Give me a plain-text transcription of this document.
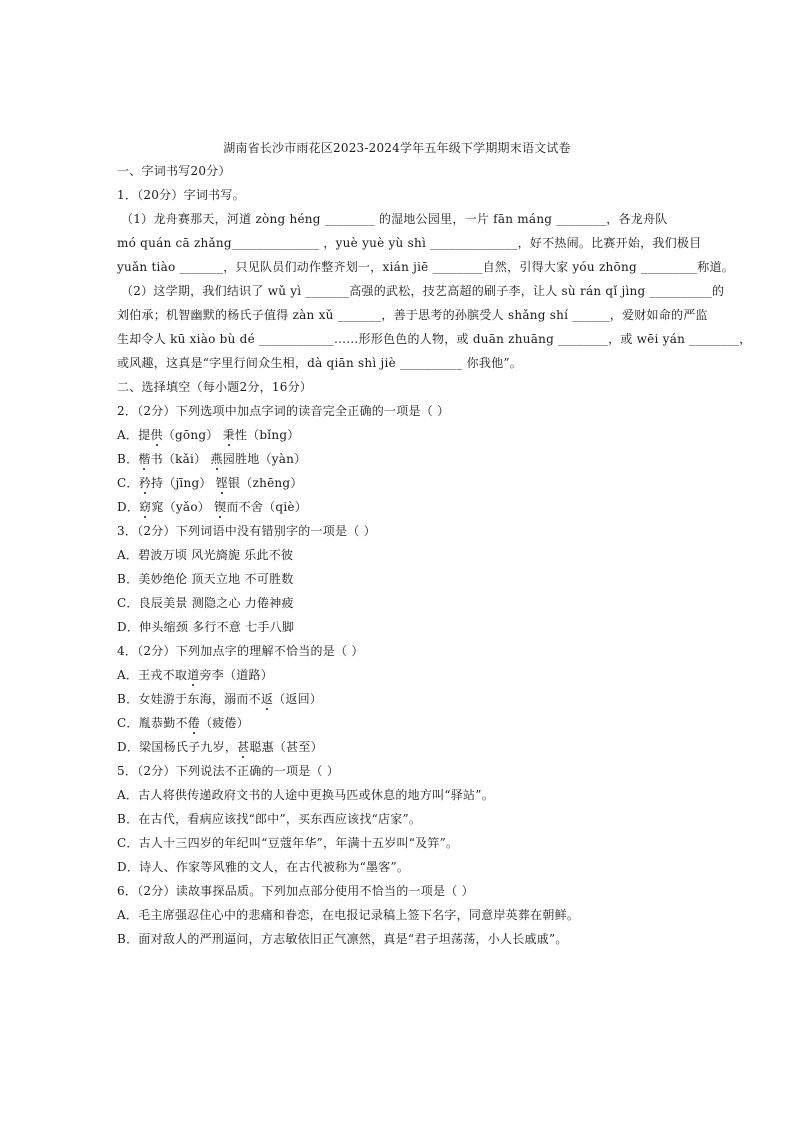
湖南省长沙市雨花区2023-2024学年五年级下学期期末语文试卷
一、字词书写20分）
1．（20分）字词书写。
（1）龙舟赛那天，河道 zòng héng ________ 的湿地公园里，一片 fān máng ________，各龙舟队
mó quán cā zhǎng______________ ，yuè yuè yù shì ______________，好不热闹。比赛开始，我们极目
yuǎn tiào _______，只见队员们动作整齐划一，xián jiē ________自然，引得大家 yóu zhōng _________称道。
（2）这学期，我们结识了 wǔ yì _______高强的武松，技艺高超的刷子李，让人 sù rán qǐ jìng __________的
刘伯承；机智幽默的杨氏子值得 zàn xǔ _______，善于思考的孙膑受人 shǎng shí ______，爱财如命的严监
生却令人 kū xiào bù dé ____________……形形色色的人物，或 duān zhuāng ________，或 wēi yán ________，
或风趣，这真是“字里行间众生相，dà qiān shì jiè __________ 你我他”。
二、选择填空（每小题2分，16分）
2．（2分）下列选项中加点字词的读音完全正确的一项是（ ）
A．提供（gōng） 秉性（bǐng）
B．楷书（kǎi） 燕园胜地（yàn）
C．矜持（jīng） 铿银（zhēng）
D．窈窕（yǎo） 锲而不舍（qiè）
3．（2分）下列词语中没有错别字的一项是（ ）
A．碧波万顷 风光旖旎 乐此不彼
B．美妙绝伦 顶天立地 不可胜数
C．良辰美景 测隐之心 力倦神疲
D．伸头缩颈 多行不意 七手八脚
4．（2分）下列加点字的理解不恰当的是（ ）
A．王戎不取道旁李（道路）
B．女娃游于东海，溺而不返（返回）
C．胤恭勤不倦（疲倦）
D．梁国杨氏子九岁，甚聪惠（甚至）
5．（2分）下列说法不正确的一项是（ ）
A．古人将供传递政府文书的人途中更换马匹或休息的地方叫“驿站”。
B．在古代，看病应该找“郎中”，买东西应该找“店家”。
C．古人十三四岁的年纪叫“豆蔻年华”，年满十五岁叫“及笄”。
D．诗人、作家等风雅的文人，在古代被称为“墨客”。
6．（2分）读故事探品质。下列加点部分使用不恰当的一项是（ ）
A．毛主席强忍住心中的悲痛和眷恋，在电报记录稿上签下名字，同意岸英葬在朝鲜。
B．面对敌人的严刑逼问，方志敏依旧正气凛然，真是“君子坦荡荡，小人长戚戚”。
